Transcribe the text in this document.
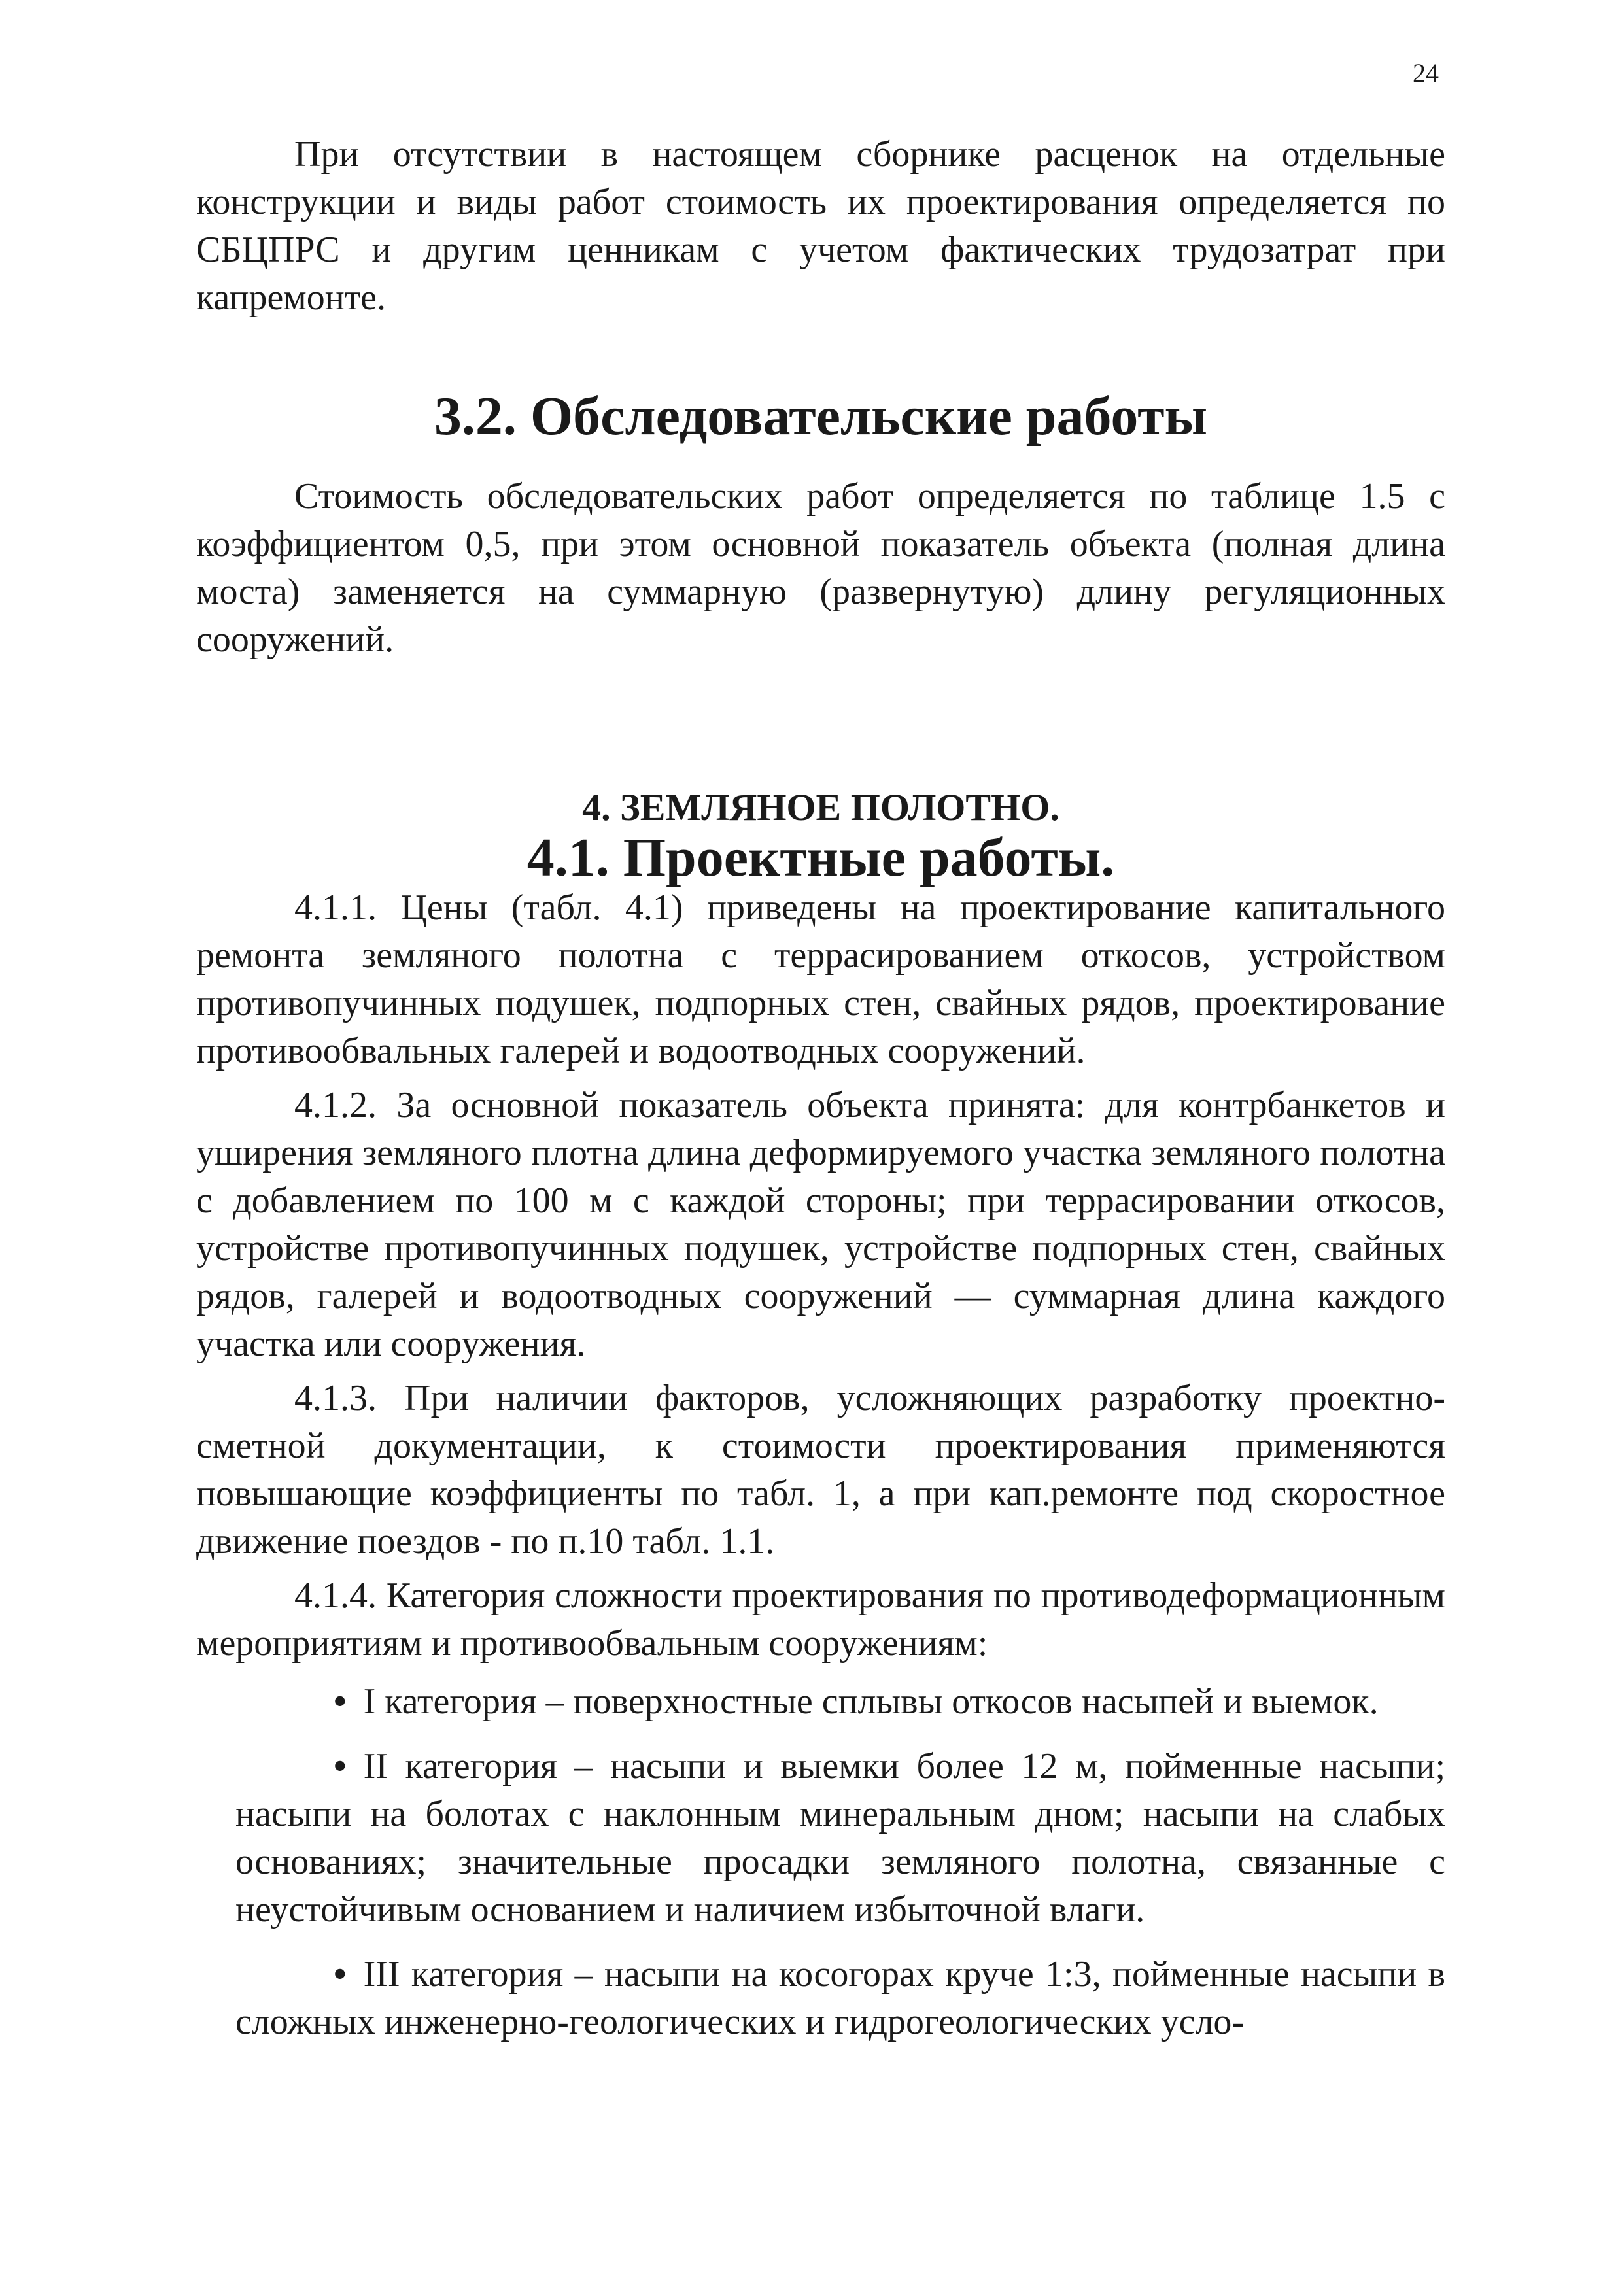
24

При отсутствии в настоящем сборнике расценок на отдельные конструкции и виды работ стоимость их проектирования определяется по СБЦПРС и другим ценникам с учетом фактических трудозатрат при капремонте.

3.2. Обследовательские работы

Стоимость обследовательских работ определяется по таблице 1.5 с коэффициентом 0,5, при этом основной показатель объекта (полная длина моста) заменяется на суммарную (развернутую) длину регуляционных сооружений.

4. ЗЕМЛЯНОЕ ПОЛОТНО.
4.1. Проектные работы.

4.1.1. Цены (табл. 4.1) приведены на проектирование капитального ремонта земляного полотна с террасированием откосов, устройством противопучинных подушек, подпорных стен, свайных рядов, проектирование противообвальных галерей и водоотводных сооружений.

4.1.2. За основной показатель объекта принята: для контрбанкетов и уширения земляного плотна длина деформируемого участка земляного полотна с добавлением по 100 м с каждой стороны; при террасировании откосов, устройстве противопучинных подушек, устройстве подпорных стен, свайных рядов, галерей и водоотводных сооружений — суммарная длина каждого участка или сооружения.

4.1.3. При наличии факторов, усложняющих разработку проектно-сметной документации, к стоимости проектирования применяются повышающие коэффициенты по табл. 1, а при кап.ремонте под скоростное движение поездов - по п.10 табл. 1.1.

4.1.4. Категория сложности проектирования по противодеформационным мероприятиям и противообвальным сооружениям:

• I категория – поверхностные сплывы откосов насыпей и выемок.
• II категория – насыпи и выемки более 12 м, пойменные насыпи; насыпи на болотах с наклонным минеральным дном; насыпи на слабых основаниях; значительные просадки земляного полотна, связанные с неустойчивым основанием и наличием избыточной влаги.
• III категория – насыпи на косогорах круче 1:3, пойменные насыпи в сложных инженерно-геологических и гидрогеологических усло-
